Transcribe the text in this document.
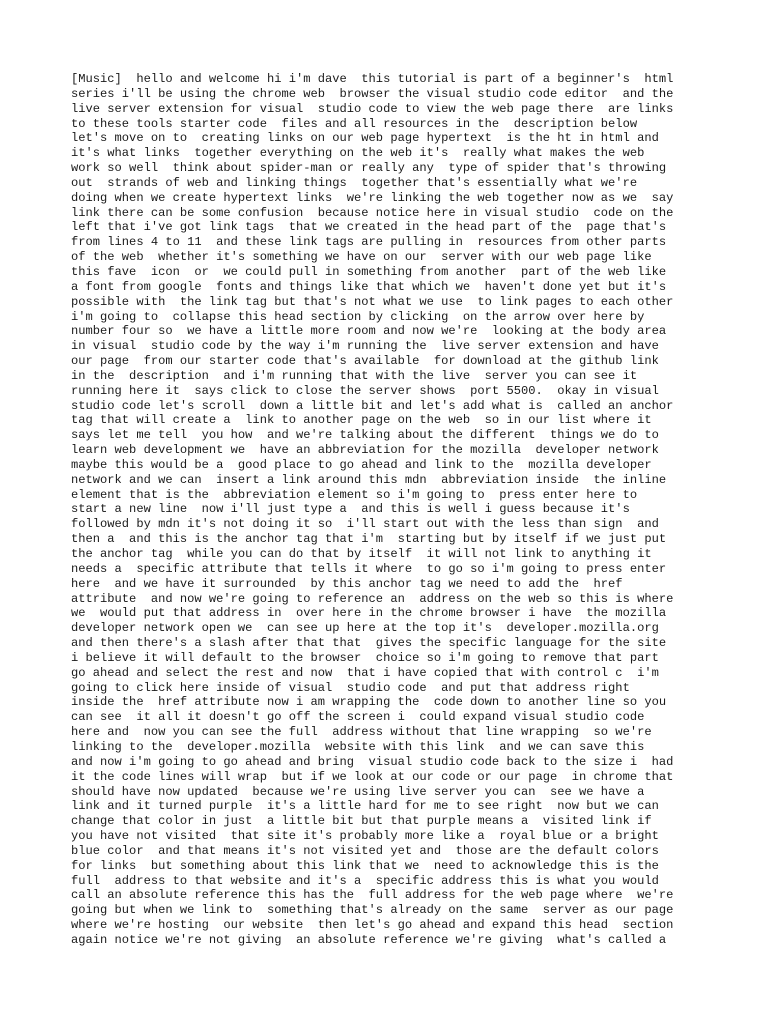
[Music]  hello and welcome hi i'm dave  this tutorial is part of a beginner's  html

series i'll be using the chrome web  browser the visual studio code editor  and the

live server extension for visual  studio code to view the web page there  are links

to these tools starter code  files and all resources in the  description below

let's move on to  creating links on our web page hypertext  is the ht in html and

it's what links  together everything on the web it's  really what makes the web

work so well  think about spider-man or really any  type of spider that's throwing

out  strands of web and linking things  together that's essentially what we're

doing when we create hypertext links  we're linking the web together now as we  say

link there can be some confusion  because notice here in visual studio  code on the

left that i've got link tags  that we created in the head part of the  page that's

from lines 4 to 11  and these link tags are pulling in  resources from other parts

of the web  whether it's something we have on our  server with our web page like

this fave  icon  or  we could pull in something from another  part of the web like

a font from google  fonts and things like that which we  haven't done yet but it's

possible with  the link tag but that's not what we use  to link pages to each other

i'm going to  collapse this head section by clicking  on the arrow over here by

number four so  we have a little more room and now we're  looking at the body area

in visual  studio code by the way i'm running the  live server extension and have

our page  from our starter code that's available  for download at the github link

in the  description  and i'm running that with the live  server you can see it

running here it  says click to close the server shows  port 5500.  okay in visual

studio code let's scroll  down a little bit and let's add what is  called an anchor

tag that will create a  link to another page on the web  so in our list where it

says let me tell  you how  and we're talking about the different  things we do to

learn web development we  have an abbreviation for the mozilla  developer network

maybe this would be a  good place to go ahead and link to the  mozilla developer

network and we can  insert a link around this mdn  abbreviation inside  the inline

element that is the  abbreviation element so i'm going to  press enter here to

start a new line  now i'll just type a  and this is well i guess because it's

followed by mdn it's not doing it so  i'll start out with the less than sign  and

then a  and this is the anchor tag that i'm  starting but by itself if we just put

the anchor tag  while you can do that by itself  it will not link to anything it

needs a  specific attribute that tells it where  to go so i'm going to press enter

here  and we have it surrounded  by this anchor tag we need to add the  href

attribute  and now we're going to reference an  address on the web so this is where

we  would put that address in  over here in the chrome browser i have  the mozilla

developer network open we  can see up here at the top it's  developer.mozilla.org

and then there's a slash after that that  gives the specific language for the site

i believe it will default to the browser  choice so i'm going to remove that part

go ahead and select the rest and now  that i have copied that with control c  i'm

going to click here inside of visual  studio code  and put that address right

inside the  href attribute now i am wrapping the  code down to another line so you

can see  it all it doesn't go off the screen i  could expand visual studio code

here and  now you can see the full  address without that line wrapping  so we're

linking to the  developer.mozilla  website with this link  and we can save this

and now i'm going to go ahead and bring  visual studio code back to the size i  had

it the code lines will wrap  but if we look at our code or our page  in chrome that

should have now updated  because we're using live server you can  see we have a

link and it turned purple  it's a little hard for me to see right  now but we can

change that color in just  a little bit but that purple means a  visited link if

you have not visited  that site it's probably more like a  royal blue or a bright

blue color  and that means it's not visited yet and  those are the default colors

for links  but something about this link that we  need to acknowledge this is the

full  address to that website and it's a  specific address this is what you would

call an absolute reference this has the  full address for the web page where  we're

going but when we link to  something that's already on the same  server as our page

where we're hosting  our website  then let's go ahead and expand this head  section

again notice we're not giving  an absolute reference we're giving  what's called a
